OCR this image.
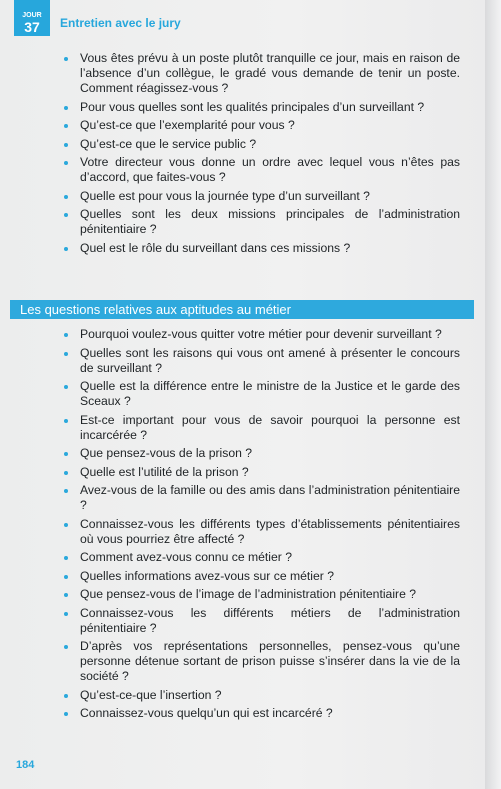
JOUR
37	Entretien avec le jury
Vous êtes prévu à un poste plutôt tranquille ce jour, mais en raison de l’absence d’un collègue, le gradé vous demande de tenir un poste. Comment réagissez-vous ?
Pour vous quelles sont les qualités principales d’un surveillant ?
Qu’est-ce que l’exemplarité pour vous ?
Qu’est-ce que le service public ?
Votre directeur vous donne un ordre avec lequel vous n’êtes pas d’accord, que faites-vous ?
Quelle est pour vous la journée type d’un surveillant ?
Quelles sont les deux missions principales de l’administration pénitentiaire ?
Quel est le rôle du surveillant dans ces missions ?
Les questions relatives aux aptitudes au métier
Pourquoi voulez-vous quitter votre métier pour devenir surveillant ?
Quelles sont les raisons qui vous ont amené à présenter le concours de surveillant ?
Quelle est la différence entre le ministre de la Justice et le garde des Sceaux ?
Est-ce important pour vous de savoir pourquoi la personne est incarcérée ?
Que pensez-vous de la prison ?
Quelle est l’utilité de la prison ?
Avez-vous de la famille ou des amis dans l’administration pénitentiaire ?
Connaissez-vous les différents types d’établissements pénitentiaires où vous pourriez être affecté ?
Comment avez-vous connu ce métier ?
Quelles informations avez-vous sur ce métier ?
Que pensez-vous de l’image de l’administration pénitentiaire ?
Connaissez-vous les différents métiers de l’administration pénitentiaire ?
D’après vos représentations personnelles, pensez-vous qu’une personne détenue sortant de prison puisse s’insérer dans la vie de la société ?
Qu’est-ce-que l’insertion ?
Connaissez-vous quelqu’un qui est incarcéré ?
184
